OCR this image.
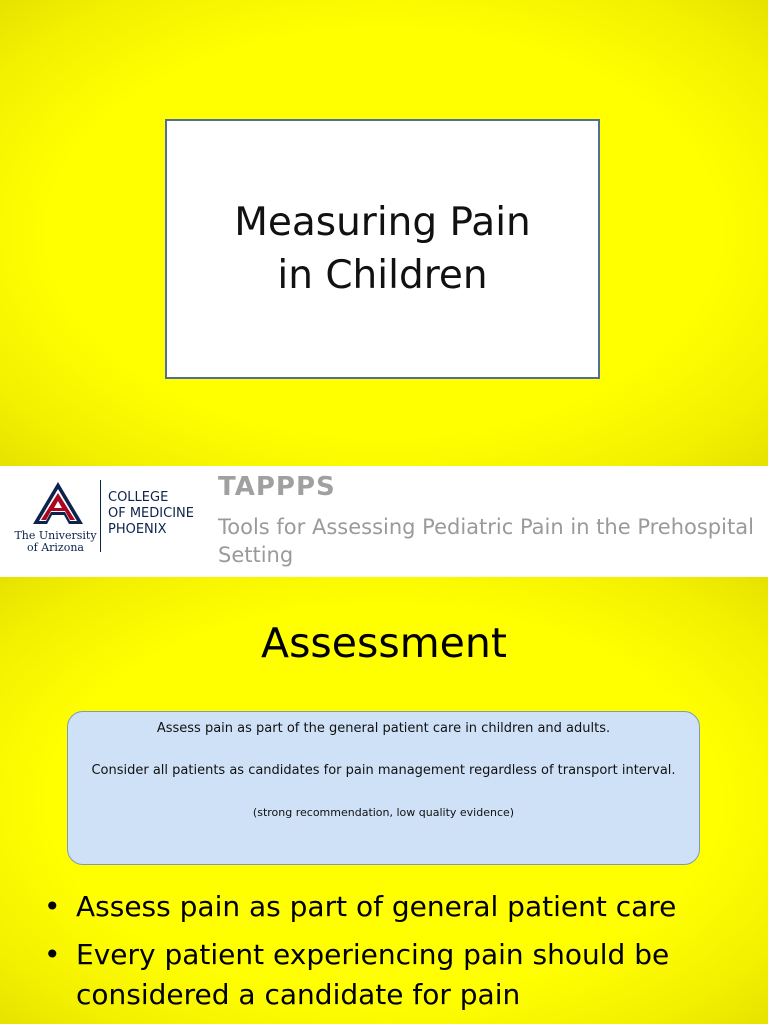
Measuring Pain
in Children
The University
of Arizona
COLLEGE
OF MEDICINE
PHOENIX
TAPPPS
Tools for Assessing Pediatric Pain in the Prehospital Setting
Assessment

Assess pain as part of the general patient care in children and adults.

Consider all patients as candidates for pain management regardless of transport interval.

(strong recommendation, low quality evidence)

• Assess pain as part of general patient care
• Every patient experiencing pain should be considered a candidate for pain
